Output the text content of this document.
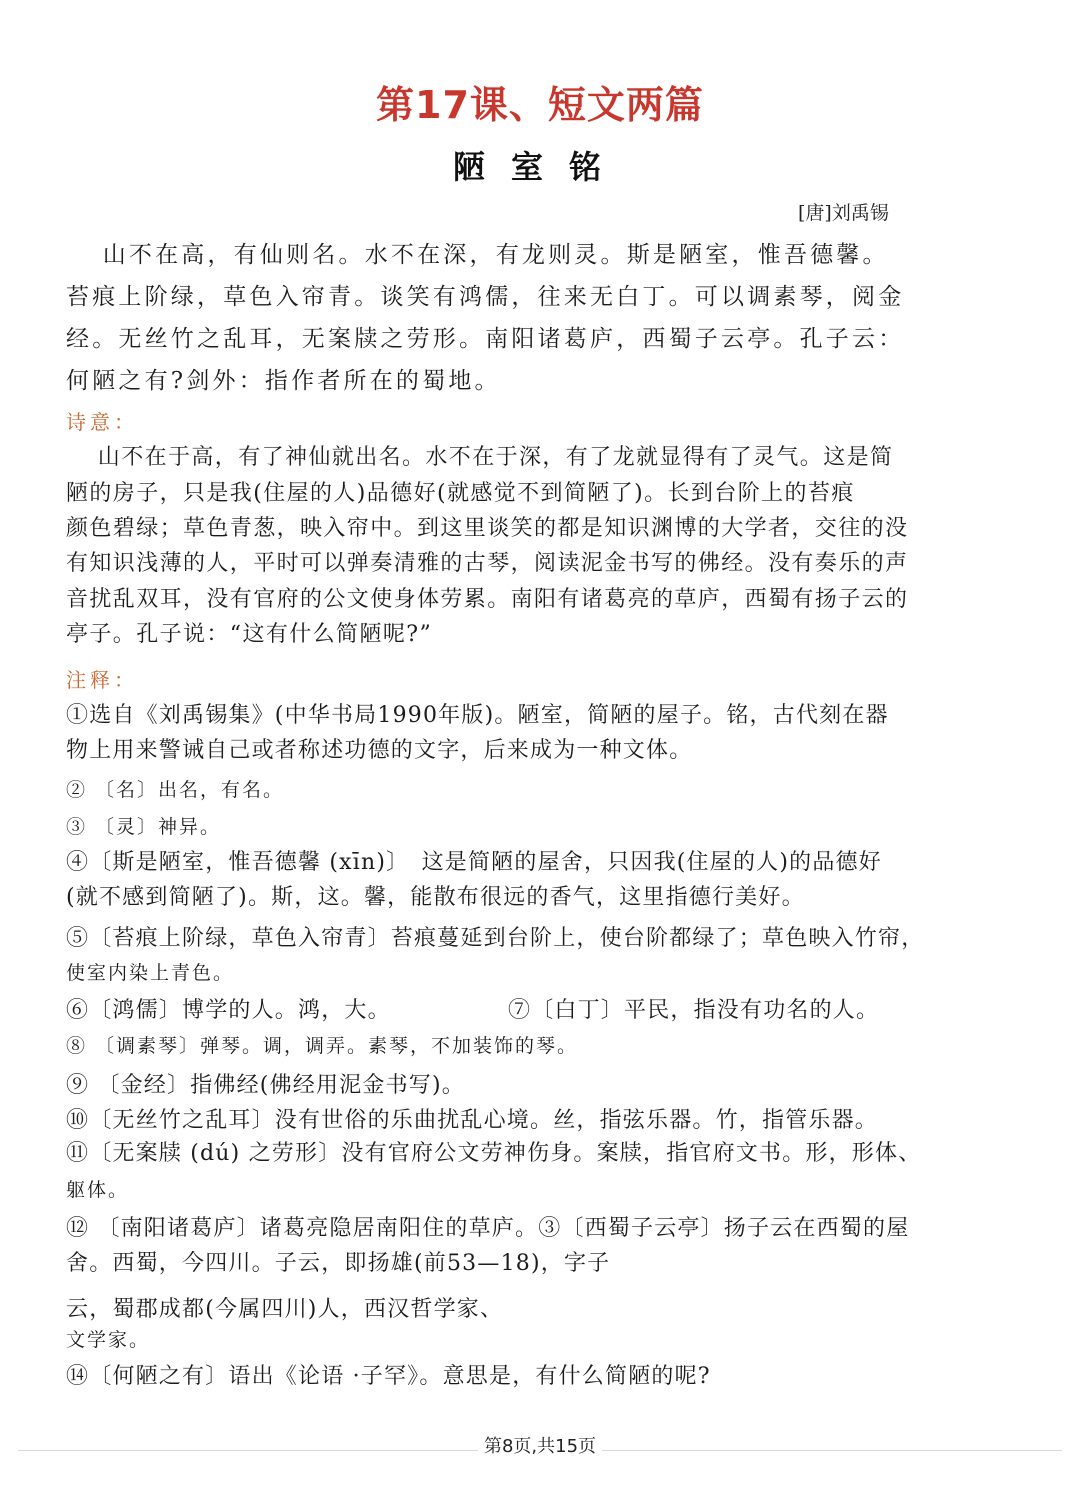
第17课、短文两篇
陋室铭
[唐]刘禹锡
　 山不在高，有仙则名。水不在深，有龙则灵。斯是陋室，惟吾德馨。
苔痕上阶绿，草色入帘青。谈笑有鸿儒，往来无白丁。可以调素琴，阅金
经。无丝竹之乱耳，无案牍之劳形。南阳诸葛庐，西蜀子云亭。孔子云：
何陋之有?剑外：指作者所在的蜀地。
诗意：
　 山不在于高，有了神仙就出名。水不在于深，有了龙就显得有了灵气。这是简
陋的房子，只是我(住屋的人)品德好(就感觉不到简陋了)。长到台阶上的苔痕
颜色碧绿；草色青葱，映入帘中。到这里谈笑的都是知识渊博的大学者，交往的没
有知识浅薄的人，平时可以弹奏清雅的古琴，阅读泥金书写的佛经。没有奏乐的声
音扰乱双耳，没有官府的公文使身体劳累。南阳有诸葛亮的草庐，西蜀有扬子云的
亭子。孔子说：“这有什么简陋呢?”
注释：
①选自《刘禹锡集》(中华书局1990年版)。陋室，简陋的屋子。铭，古代刻在器
物上用来警诫自己或者称述功德的文字，后来成为一种文体。
② 〔名〕出名，有名。
③ 〔灵〕神异。
④〔斯是陋室，惟吾德馨 (xīn)〕　这是简陋的屋舍，只因我(住屋的人)的品德好
(就不感到简陋了)。斯，这。馨，能散布很远的香气，这里指德行美好。
⑤〔苔痕上阶绿，草色入帘青〕苔痕蔓延到台阶上，使台阶都绿了；草色映入竹帘，
使室内染上青色。
⑥〔鸿儒〕博学的人。鸿，大。	⑦〔白丁〕平民，指没有功名的人。
⑧ 〔调素琴〕弹琴。调，调弄。素琴，不加装饰的琴。
⑨ 〔金经〕指佛经(佛经用泥金书写)。
⑩〔无丝竹之乱耳〕没有世俗的乐曲扰乱心境。丝，指弦乐器。竹，指管乐器。
⑪〔无案牍 (dú) 之劳形〕没有官府公文劳神伤身。案牍，指官府文书。形，形体、
躯体。
⑫ 〔南阳诸葛庐〕诸葛亮隐居南阳住的草庐。③〔西蜀子云亭〕扬子云在西蜀的屋
舍。西蜀，今四川。子云，即扬雄(前53—18)，字子
云，蜀郡成都(今属四川)人，西汉哲学家、
文学家。
⑭〔何陋之有〕语出《论语 ·子罕》。意思是，有什么简陋的呢?
第8页,共15页
